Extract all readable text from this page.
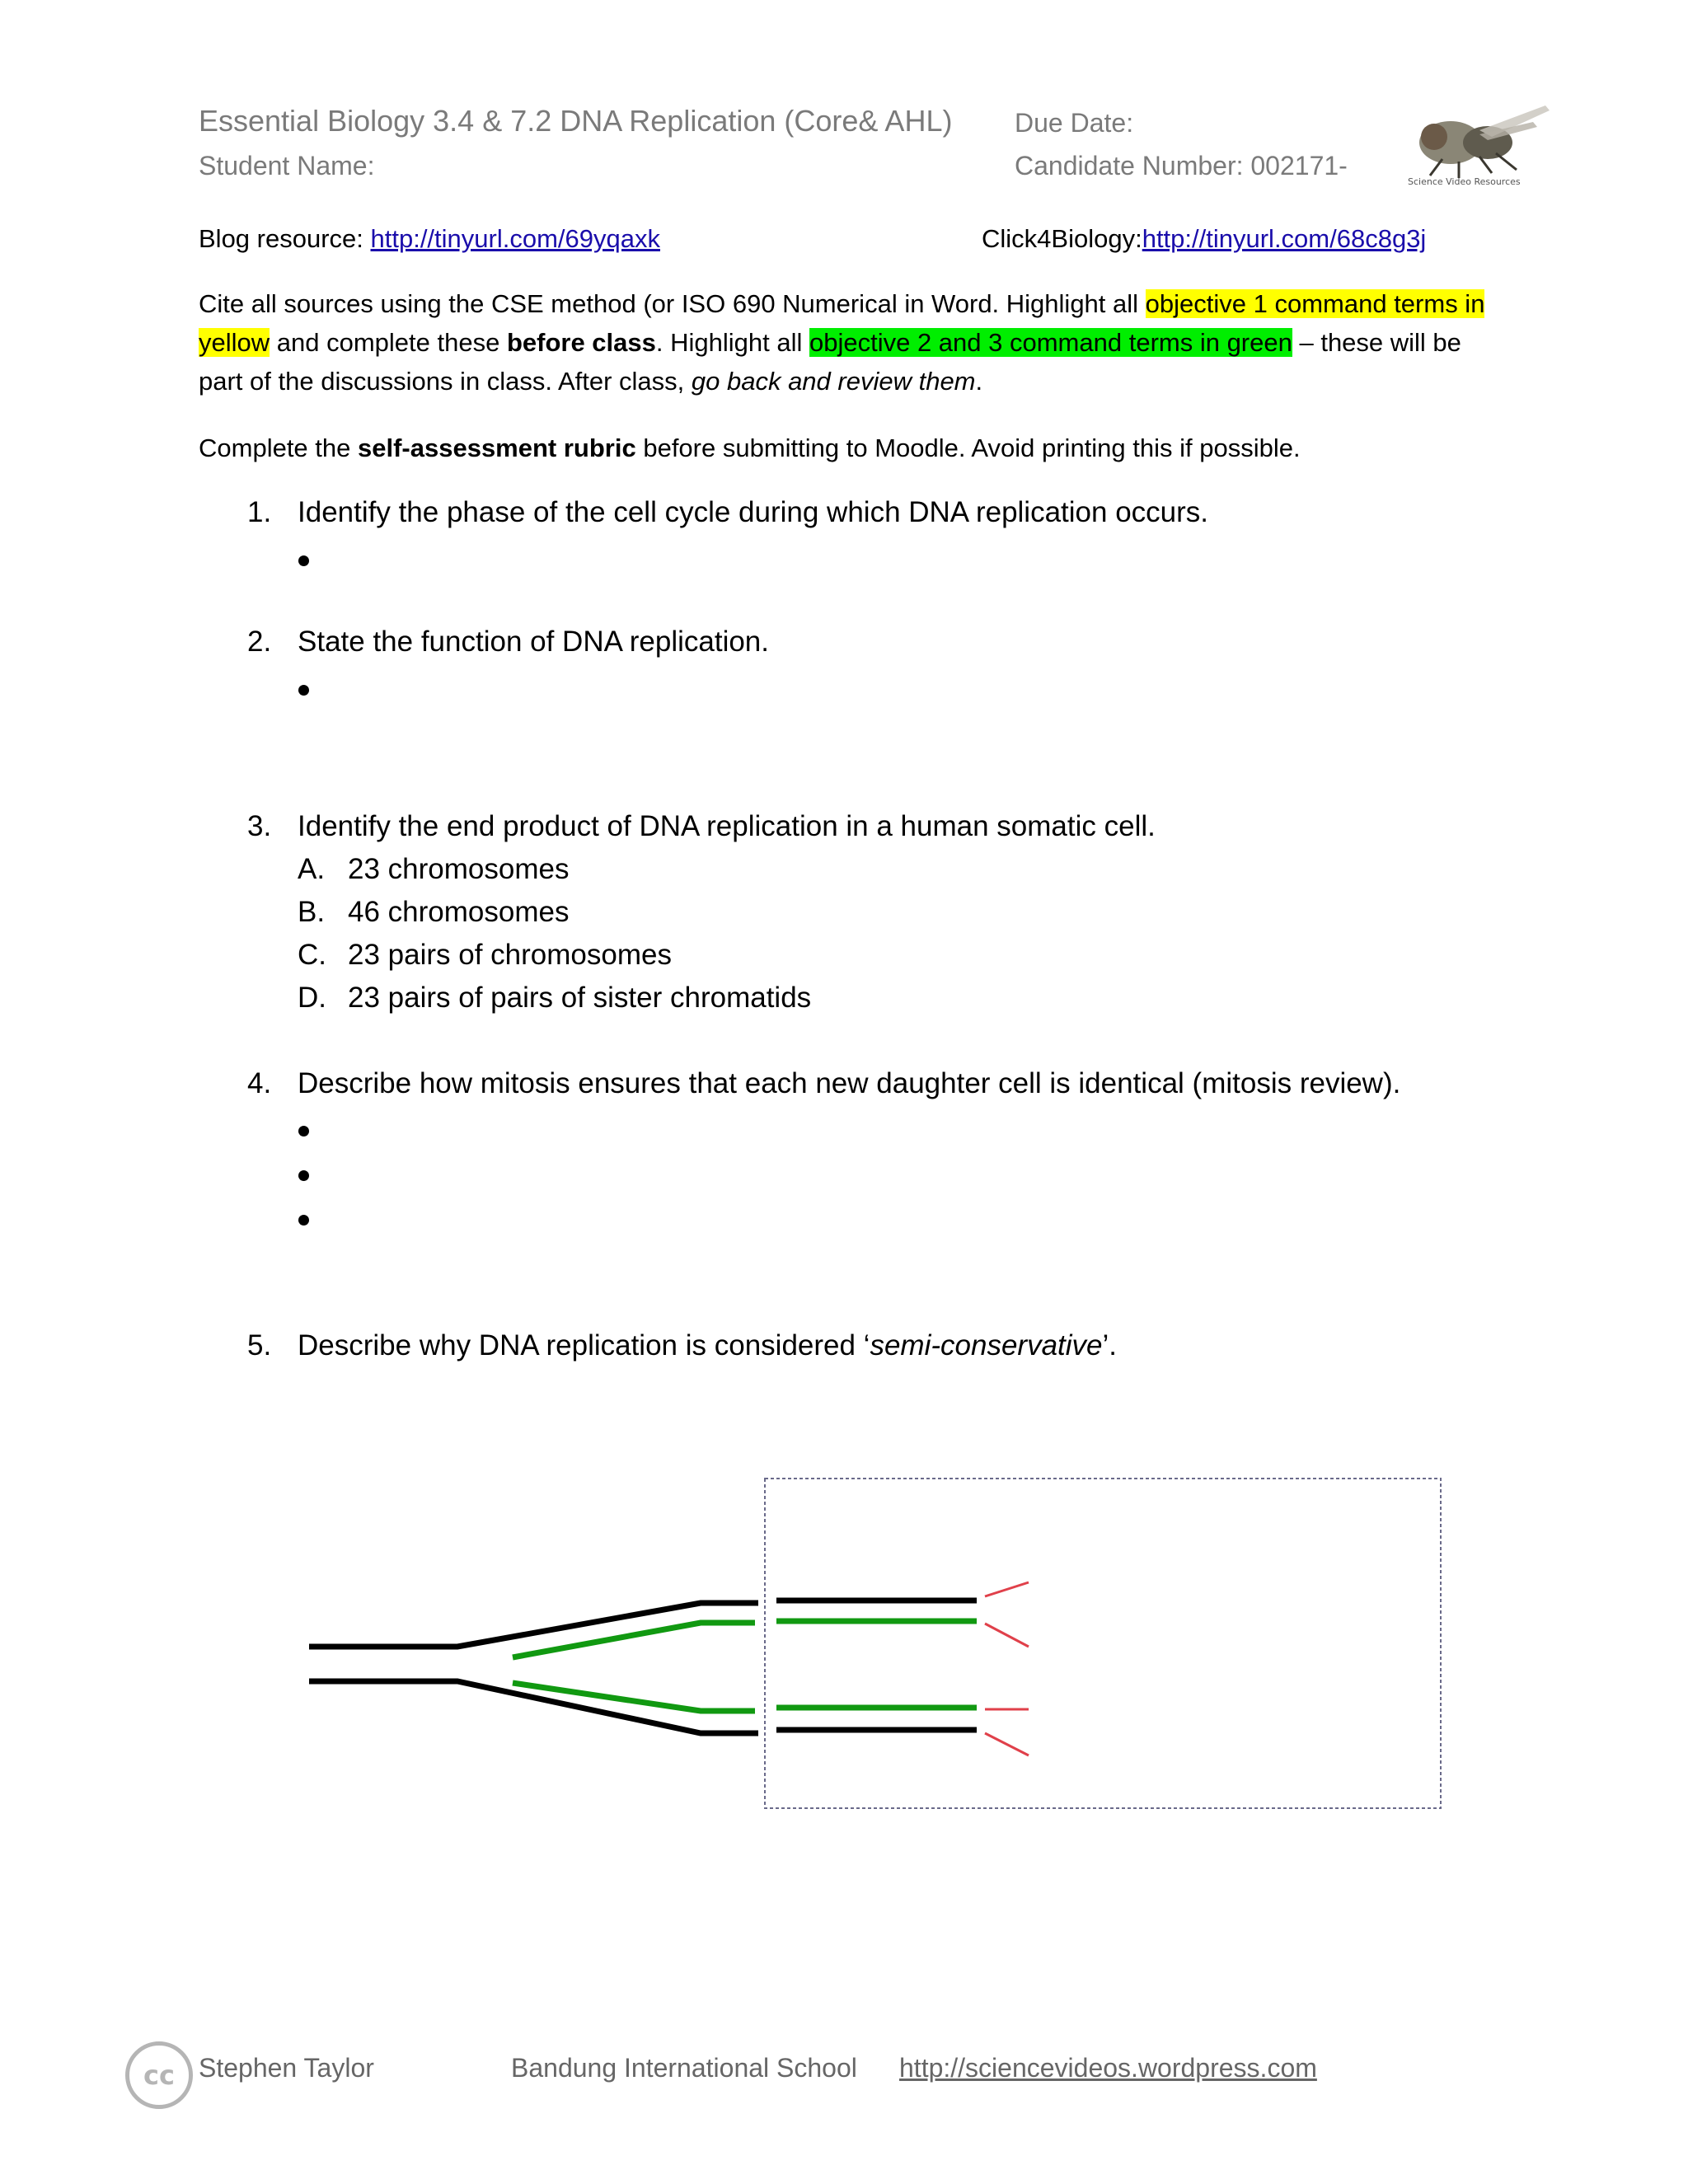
Essential Biology 3.4 & 7.2 DNA Replication (Core& AHL)
Student Name:
Due Date:
Candidate Number: 002171-
Science Video Resources
Blog resource: http://tinyurl.com/69yqaxk	Click4Biology:http://tinyurl.com/68c8g3j
Cite all sources using the CSE method (or ISO 690 Numerical in Word. Highlight all objective 1 command terms in
yellow and complete these before class. Highlight all objective 2 and 3 command terms in green – these will be
part of the discussions in class. After class, go back and review them.
Complete the self-assessment rubric before submitting to Moodle. Avoid printing this if possible.
1. Identify the phase of the cell cycle during which DNA replication occurs.
2. State the function of DNA replication.
3. Identify the end product of DNA replication in a human somatic cell.
A. 23 chromosomes
B. 46 chromosomes
C. 23 pairs of chromosomes
D. 23 pairs of pairs of sister chromatids
4. Describe how mitosis ensures that each new daughter cell is identical (mitosis review).
5. Describe why DNA replication is considered ‘semi-conservative’.
cc Stephen Taylor	Bandung International School http://sciencevideos.wordpress.com
